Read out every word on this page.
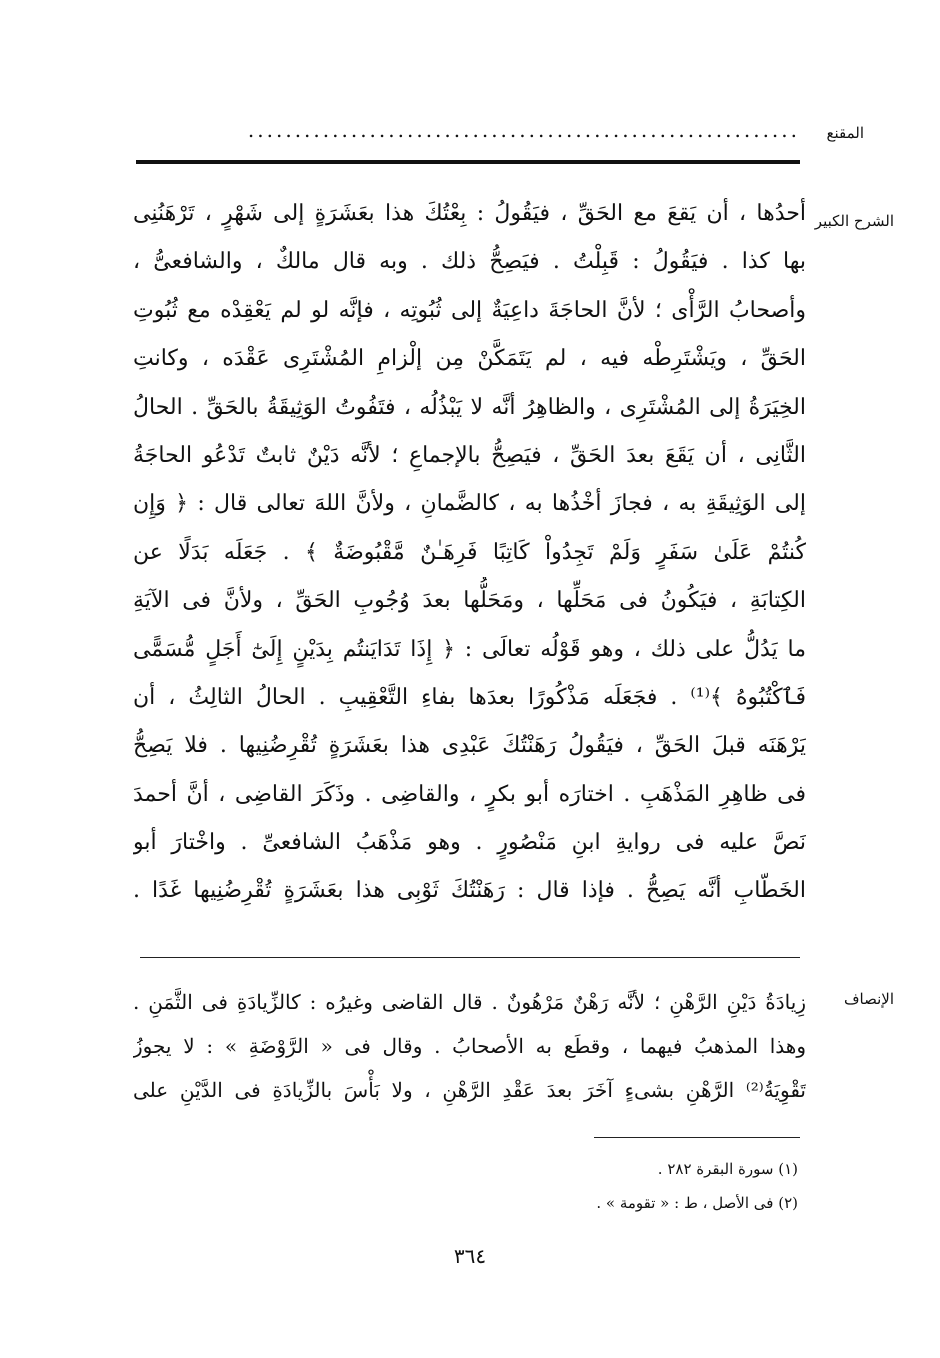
المقنع
...........................................................
الشرح الكبير
أحدُها ، أن يَقعَ مع الحَقِّ ، فيَقُولُ : بِعْتُكَ هذا بعَشَرَةٍ إلى شَهْرٍ ، تَرْهَنُنِى
بها كذا . فيَقُولُ : قَبِلْتُ . فيَصِحُّ ذلك . وبه قال مالكٌ ، والشافعىُّ ،
وأصحابُ الرَّأْى ؛ لأنَّ الحاجَةَ داعِيَةٌ إلى ثُبُوتِه ، فإنَّه لو لم يَعْقِدْه مع ثُبُوتِ
الحَقِّ ، ويَشْتَرِطْه فيه ، لم يَتَمَكَّنْ مِن إلْزامِ المُشْتَرِى عَقْدَه ، وكانتِ
الخِيَرَةُ إلى المُشْتَرِى ، والظاهِرُ أنَّه لا يَبْذُلُه ، فتَفُوتُ الوَثِيقَةُ بالحَقِّ . الحالُ
الثَّانِى ، أن يَقَعَ بعدَ الحَقِّ ، فيَصِحُّ بالإجماعِ ؛ لأنَّه دَيْنٌ ثابتٌ تَدْعُو الحاجَةُ
إلى الوَثِيقَةِ به ، فجازَ أخْذُها به ، كالضَّمانِ ، ولأنَّ اللهَ تعالى قال : ﴿ وَإِن
كُنتُمْ عَلَىٰ سَفَرٍ وَلَمْ تَجِدُواْ كَاتِبًا فَرِهَـٰنٌ مَّقْبُوضَةٌ ﴾ . جَعَلَه بَدَلًا عن
الكِتابَةِ ، فيَكُونُ فى مَحَلِّها ، ومَحَلُّها بعدَ وُجُوبِ الحَقِّ ، ولأنَّ فى الآيَةِ
ما يَدُلُّ على ذلك ، وهو قَوْلُه تعالَى : ﴿ إِذَا تَدَايَنتُم بِدَيْنٍ إِلَىٰٓ أَجَلٍ مُّسَمًّى
فَٱكْتُبُوهُ ﴾⁽¹⁾ . فجَعَلَه مَذْكُورًا بعدَها بفاءِ التَّعْقِيبِ . الحالُ الثالِثُ ، أن
يَرْهَنَه قبلَ الحَقِّ ، فيَقُولُ رَهَنْتُكَ عَبْدِى هذا بعَشَرَةٍ تُقْرِضُنِيها . فلا يَصِحُّ
فى ظاهِرِ المَذْهَبِ . اختارَه أبو بكرٍ ، والقاضِى . وذَكَرَ القاضِى ، أنَّ أحمدَ
نَصَّ عليه فى روايةِ ابنِ مَنْصُورٍ . وهو مَذْهَبُ الشافعىِّ . واخْتارَ أبو
الخَطّابِ أنَّه يَصِحُّ . فإذا قال : رَهَنْتُكَ ثَوْبِى هذا بعَشَرَةٍ تُقْرِضُنِيها غَدًا .
الإنصاف
زِيادَةُ دَيْنِ الرَّهْنِ ؛ لأنَّه رَهْنٌ مَرْهُونٌ . قال القاضى وغيرُه : كالزِّيادَةِ فى الثَّمَنِ .
وهذا المذهبُ فيهما ، وقطَع به الأصحابُ . وقال فى « الرَّوْضَةِ » : لا يجوزُ
تَقْوِيَةُ⁽²⁾ الرَّهْنِ بشىءٍ آخَرَ بعدَ عَقْدِ الرَّهْنِ ، ولا بَأْسَ بالزِّيادَةِ فى الدَّيْنِ على
(١) سورة البقرة ٢٨٢ .
(٢) فى الأصل ، ط : « تقومة » .
٣٦٤
